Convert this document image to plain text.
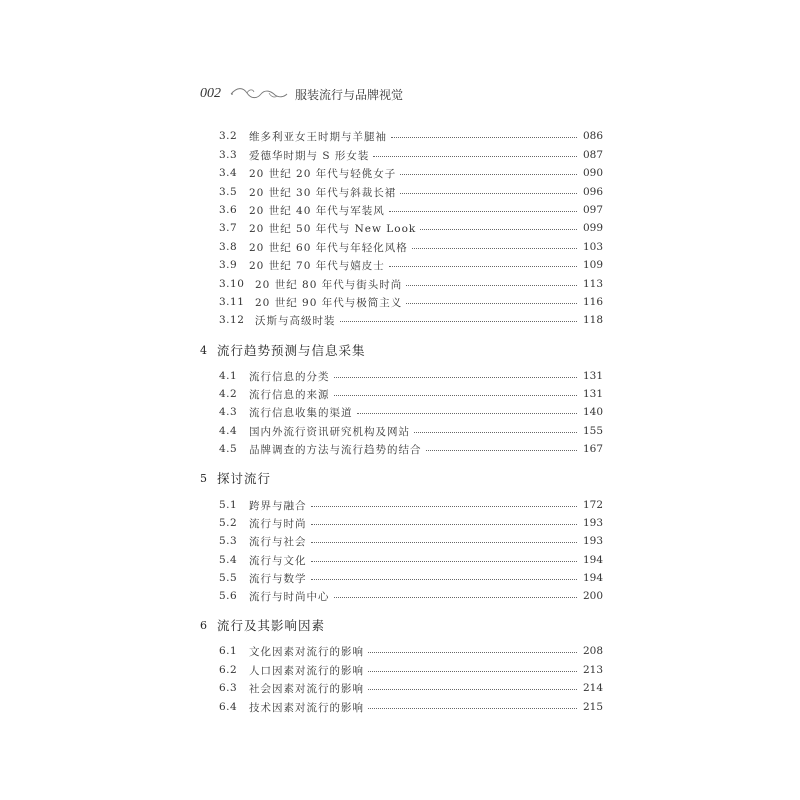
002	服装流行与品牌视觉
3.2	维多利亚女王时期与羊腿袖	086
3.3	爱德华时期与 S 形女装	087
3.4	20 世纪 20 年代与轻佻女子	090
3.5	20 世纪 30 年代与斜裁长裙	096
3.6	20 世纪 40 年代与军装风	097
3.7	20 世纪 50 年代与 New Look	099
3.8	20 世纪 60 年代与年轻化风格	103
3.9	20 世纪 70 年代与嬉皮士	109
3.10	20 世纪 80 年代与街头时尚	113
3.11	20 世纪 90 年代与极简主义	116
3.12	沃斯与高级时装	118
4 流行趋势预测与信息采集
4.1	流行信息的分类	131
4.2	流行信息的来源	131
4.3	流行信息收集的渠道	140
4.4	国内外流行资讯研究机构及网站	155
4.5	品牌调查的方法与流行趋势的结合	167
5 探讨流行
5.1	跨界与融合	172
5.2	流行与时尚	193
5.3	流行与社会	193
5.4	流行与文化	194
5.5	流行与数学	194
5.6	流行与时尚中心	200
6 流行及其影响因素
6.1	文化因素对流行的影响	208
6.2	人口因素对流行的影响	213
6.3	社会因素对流行的影响	214
6.4	技术因素对流行的影响	215
